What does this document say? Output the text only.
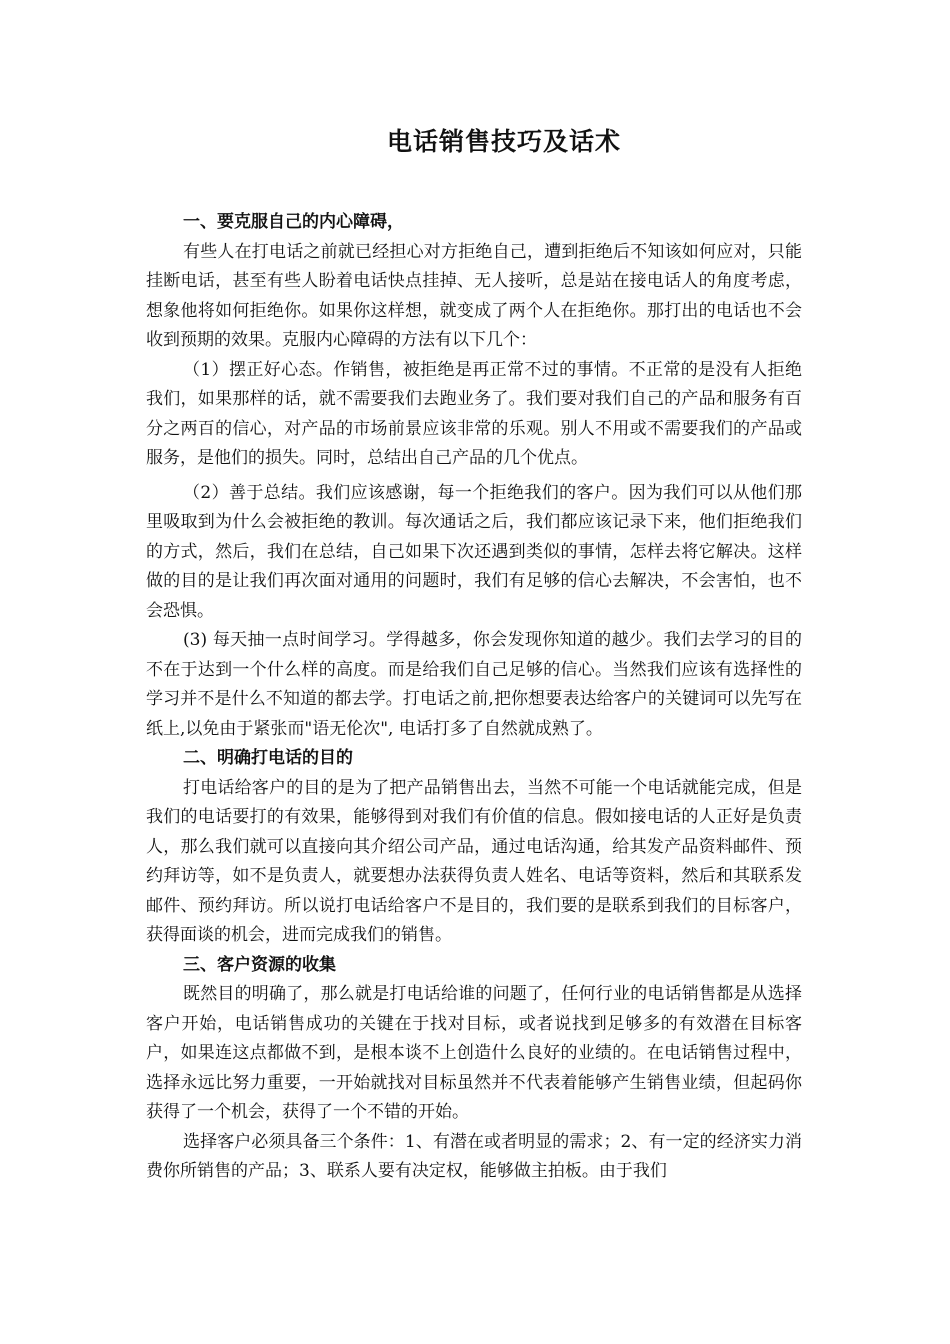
电话销售技巧及话术
一、要克服自己的内心障碍，

有些人在打电话之前就已经担心对方拒绝自己，遭到拒绝后不知该如何应对，只能挂断电话，甚至有些人盼着电话快点挂掉、无人接听，总是站在接电话人的角度考虑，想象他将如何拒绝你。如果你这样想，就变成了两个人在拒绝你。那打出的电话也不会收到预期的效果。克服内心障碍的方法有以下几个：

（1）摆正好心态。作销售，被拒绝是再正常不过的事情。不正常的是没有人拒绝我们，如果那样的话，就不需要我们去跑业务了。我们要对我们自己的产品和服务有百分之两百的信心，对产品的市场前景应该非常的乐观。别人不用或不需要我们的产品或服务，是他们的损失。同时，总结出自己产品的几个优点。

（2）善于总结。我们应该感谢，每一个拒绝我们的客户。因为我们可以从他们那里吸取到为什么会被拒绝的教训。每次通话之后，我们都应该记录下来，他们拒绝我们的方式，然后，我们在总结，自己如果下次还遇到类似的事情，怎样去将它解决。这样做的目的是让我们再次面对通用的问题时，我们有足够的信心去解决，不会害怕，也不会恐惧。

(3) 每天抽一点时间学习。学得越多，你会发现你知道的越少。我们去学习的目的不在于达到一个什么样的高度。而是给我们自己足够的信心。当然我们应该有选择性的学习并不是什么不知道的都去学。打电话之前,把你想要表达给客户的关键词可以先写在纸上,以免由于紧张而"语无伦次", 电话打多了自然就成熟了。

二、明确打电话的目的

打电话给客户的目的是为了把产品销售出去，当然不可能一个电话就能完成，但是我们的电话要打的有效果，能够得到对我们有价值的信息。假如接电话的人正好是负责人，那么我们就可以直接向其介绍公司产品，通过电话沟通，给其发产品资料邮件、预约拜访等，如不是负责人，就要想办法获得负责人姓名、电话等资料，然后和其联系发邮件、预约拜访。所以说打电话给客户不是目的，我们要的是联系到我们的目标客户，获得面谈的机会，进而完成我们的销售。

三、客户资源的收集

既然目的明确了，那么就是打电话给谁的问题了，任何行业的电话销售都是从选择客户开始，电话销售成功的关键在于找对目标，或者说找到足够多的有效潜在目标客户，如果连这点都做不到，是根本谈不上创造什么良好的业绩的。在电话销售过程中，选择永远比努力重要，一开始就找对目标虽然并不代表着能够产生销售业绩，但起码你获得了一个机会，获得了一个不错的开始。

选择客户必须具备三个条件：1、有潜在或者明显的需求；2、有一定的经济实力消费你所销售的产品；3、联系人要有决定权，能够做主拍板。由于我们
